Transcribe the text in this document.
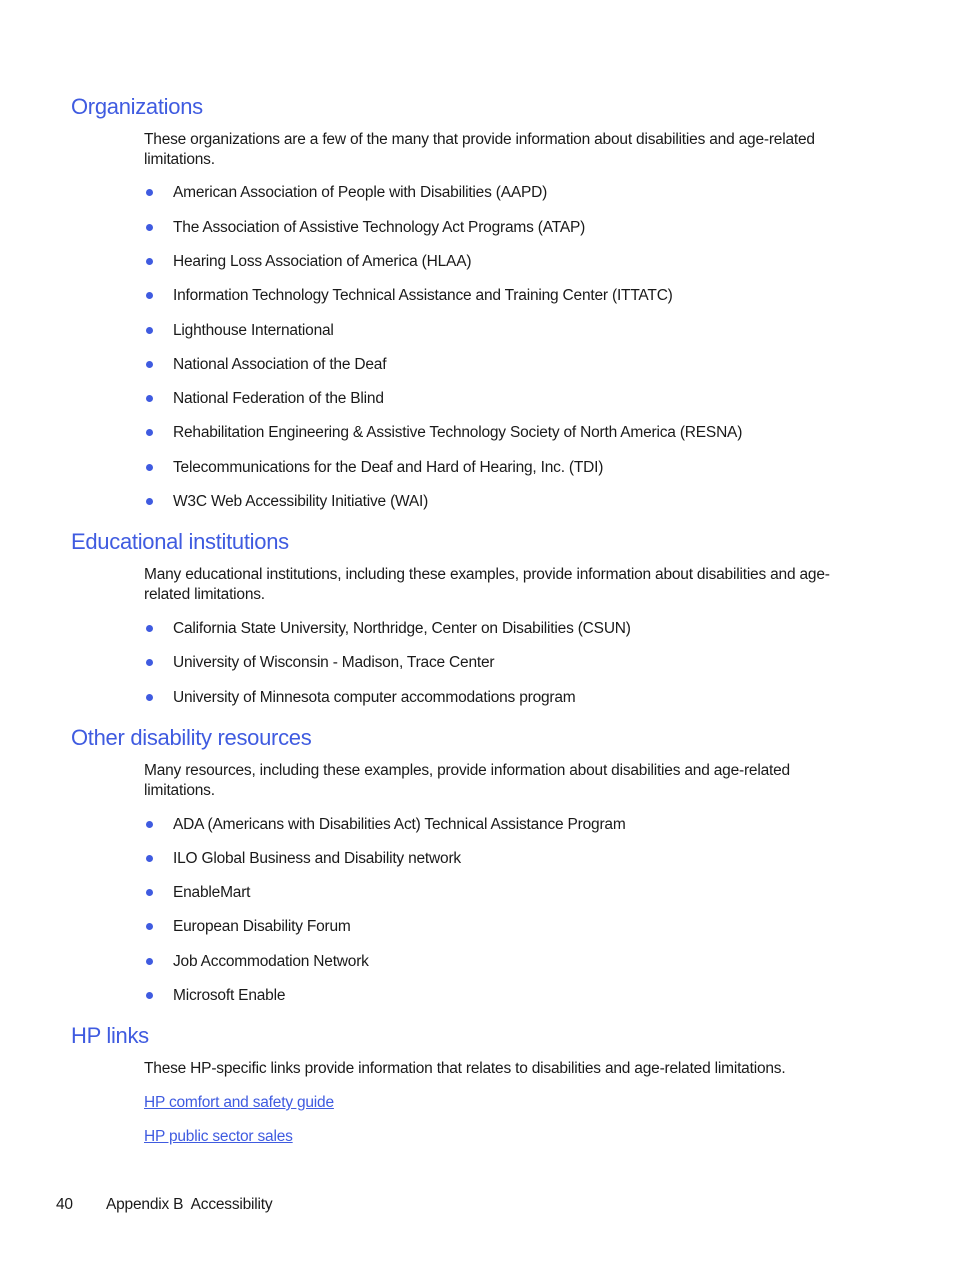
Organizations

These organizations are a few of the many that provide information about disabilities and age-related limitations.

American Association of People with Disabilities (AAPD)
The Association of Assistive Technology Act Programs (ATAP)
Hearing Loss Association of America (HLAA)
Information Technology Technical Assistance and Training Center (ITTATC)
Lighthouse International
National Association of the Deaf
National Federation of the Blind
Rehabilitation Engineering & Assistive Technology Society of North America (RESNA)
Telecommunications for the Deaf and Hard of Hearing, Inc. (TDI)
W3C Web Accessibility Initiative (WAI)
Educational institutions

Many educational institutions, including these examples, provide information about disabilities and age-related limitations.

California State University, Northridge, Center on Disabilities (CSUN)
University of Wisconsin - Madison, Trace Center
University of Minnesota computer accommodations program
Other disability resources

Many resources, including these examples, provide information about disabilities and age-related limitations.

ADA (Americans with Disabilities Act) Technical Assistance Program
ILO Global Business and Disability network
EnableMart
European Disability Forum
Job Accommodation Network
Microsoft Enable
HP links

These HP-specific links provide information that relates to disabilities and age-related limitations.

HP comfort and safety guide
HP public sector sales
40 Appendix B  Accessibility
